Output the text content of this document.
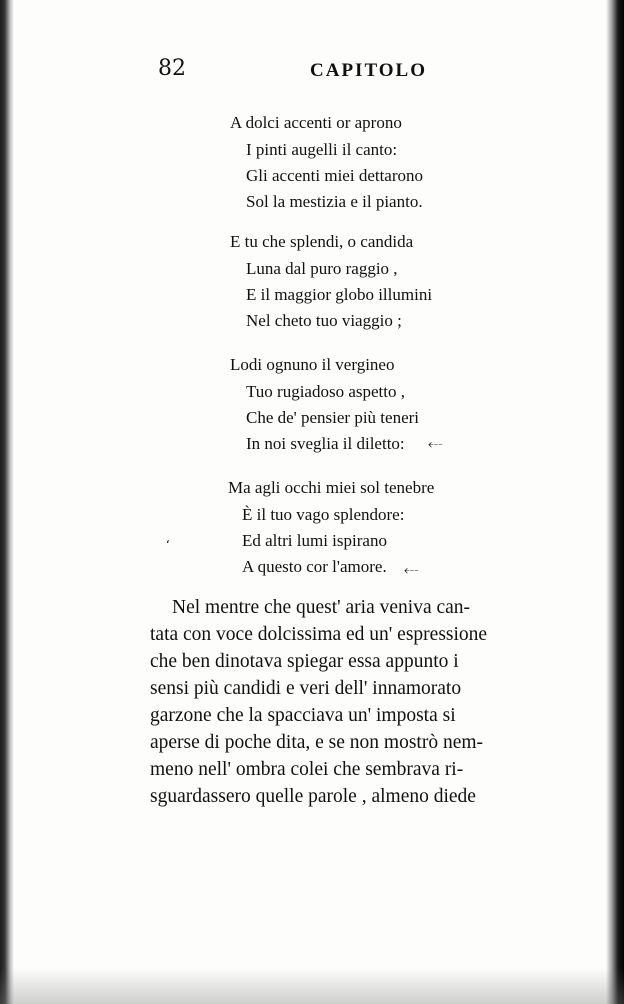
82	CAPITOLO
A dolci accenti or aprono
I pinti augelli il canto:
Gli accenti miei dettarono
Sol la mestizia e il pianto.
E tu che splendi, o candida
Luna dal puro raggio ,
E il maggior globo illumini
Nel cheto tuo viaggio ;
Lodi ognuno il vergineo
Tuo rugiadoso aspetto ,
Che de' pensier più teneri
In noi sveglia il diletto: ⤎
Ma agli occhi miei sol tenebre
È il tuo vago splendore:
Ed altri lumi ispirano
A questo cor l'amore. ⤎
‘
Nel mentre che quest' aria veniva can-
tata con voce dolcissima ed un' espressione
che ben dinotava spiegar essa appunto i
sensi più candidi e veri dell' innamorato
garzone che la spacciava un' imposta si
aperse di poche dita, e se non mostrò nem-
meno nell' ombra colei che sembrava ri-
sguardassero quelle parole , almeno diede
